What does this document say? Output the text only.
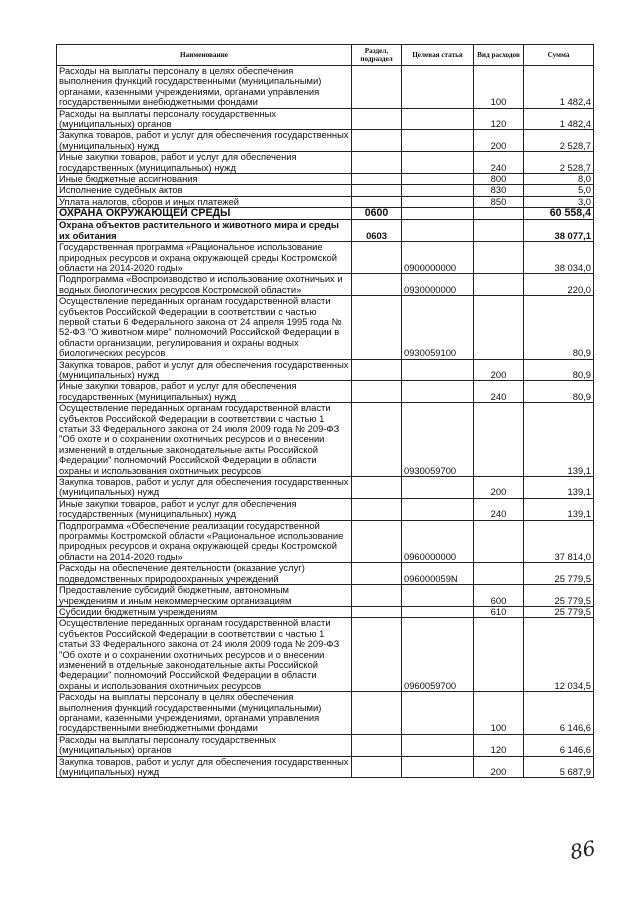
Наименование	Раздел, подраздел	Целевая статья	Вид расходов	Сумма
Расходы на выплаты персоналу в целях обеспечения выполнения функций государственными (муниципальными) органами, казенными учреждениями, органами управления государственными внебюджетными фондами			100	1 482,4
Расходы на выплаты персоналу государственных (муниципальных) органов			120	1 482,4
Закупка товаров, работ и услуг для обеспечения государственных (муниципальных) нужд			200	2 528,7
Иные закупки товаров, работ и услуг для обеспечения государственных (муниципальных) нужд			240	2 528,7
Иные бюджетные ассигнования			800	8,0
Исполнение судебных актов			830	5,0
Уплата налогов, сборов и иных платежей			850	3,0
ОХРАНА ОКРУЖАЮЩЕЙ СРЕДЫ	0600			60 558,4
Охрана объектов растительного и животного мира и среды их обитания	0603			38 077,1
Государственная программа «Рациональное использование природных ресурсов и охрана окружающей среды Костромской области на 2014-2020 годы»		0900000000		38 034,0
Подпрограмма «Воспроизводство и использование охотничьих и водных биологических ресурсов Костромской области»		0930000000		220,0
Осуществление переданных органам государственной власти субъектов Российской Федерации в соответствии с частью первой статьи 6 Федерального закона от 24 апреля 1995 года № 52-ФЗ "О животном мире" полномочий Российской Федерации в области организации, регулирования и охраны водных биологических ресурсов		0930059100		80,9
Закупка товаров, работ и услуг для обеспечения государственных (муниципальных) нужд			200	80,9
Иные закупки товаров, работ и услуг для обеспечения государственных (муниципальных) нужд			240	80,9
Осуществление переданных органам государственной власти субъектов Российской Федерации в соответствии с частью 1 статьи 33 Федерального закона от 24 июля 2009 года № 209-ФЗ "Об охоте и о сохранении охотничьих ресурсов и о внесении изменений в отдельные законодательные акты Российской Федерации" полномочий Российской Федерации в области охраны и использования охотничьих ресурсов		0930059700		139,1
Закупка товаров, работ и услуг для обеспечения государственных (муниципальных) нужд			200	139,1
Иные закупки товаров, работ и услуг для обеспечения государственных (муниципальных) нужд			240	139,1
Подпрограмма «Обеспечение реализации государственной программы Костромской области «Рациональное использование природных ресурсов и охрана окружающей среды Костромской области на 2014-2020 годы»		0960000000		37 814,0
Расходы на обеспечение деятельности (оказание услуг) подведомственных природоохранных учреждений		096000059N		25 779,5
Предоставление субсидий бюджетным, автономным учреждениям и иным некоммерческим организациям			600	25 779,5
Субсидии бюджетным учреждениям			610	25 779,5
Осуществление переданных органам государственной власти субъектов Российской Федерации в соответствии с частью 1 статьи 33 Федерального закона от 24 июля 2009 года № 209-ФЗ "Об охоте и о сохранении охотничьих ресурсов и о внесении изменений в отдельные законодательные акты Российской Федерации" полномочий Российской Федерации в области охраны и использования охотничьих ресурсов		0960059700		12 034,5
Расходы на выплаты персоналу в целях обеспечения выполнения функций государственными (муниципальными) органами, казенными учреждениями, органами управления государственными внебюджетными фондами			100	6 146,6
Расходы на выплаты персоналу государственных (муниципальных) органов			120	6 146,6
Закупка товаров, работ и услуг для обеспечения государственных (муниципальных) нужд			200	5 687,9
86
